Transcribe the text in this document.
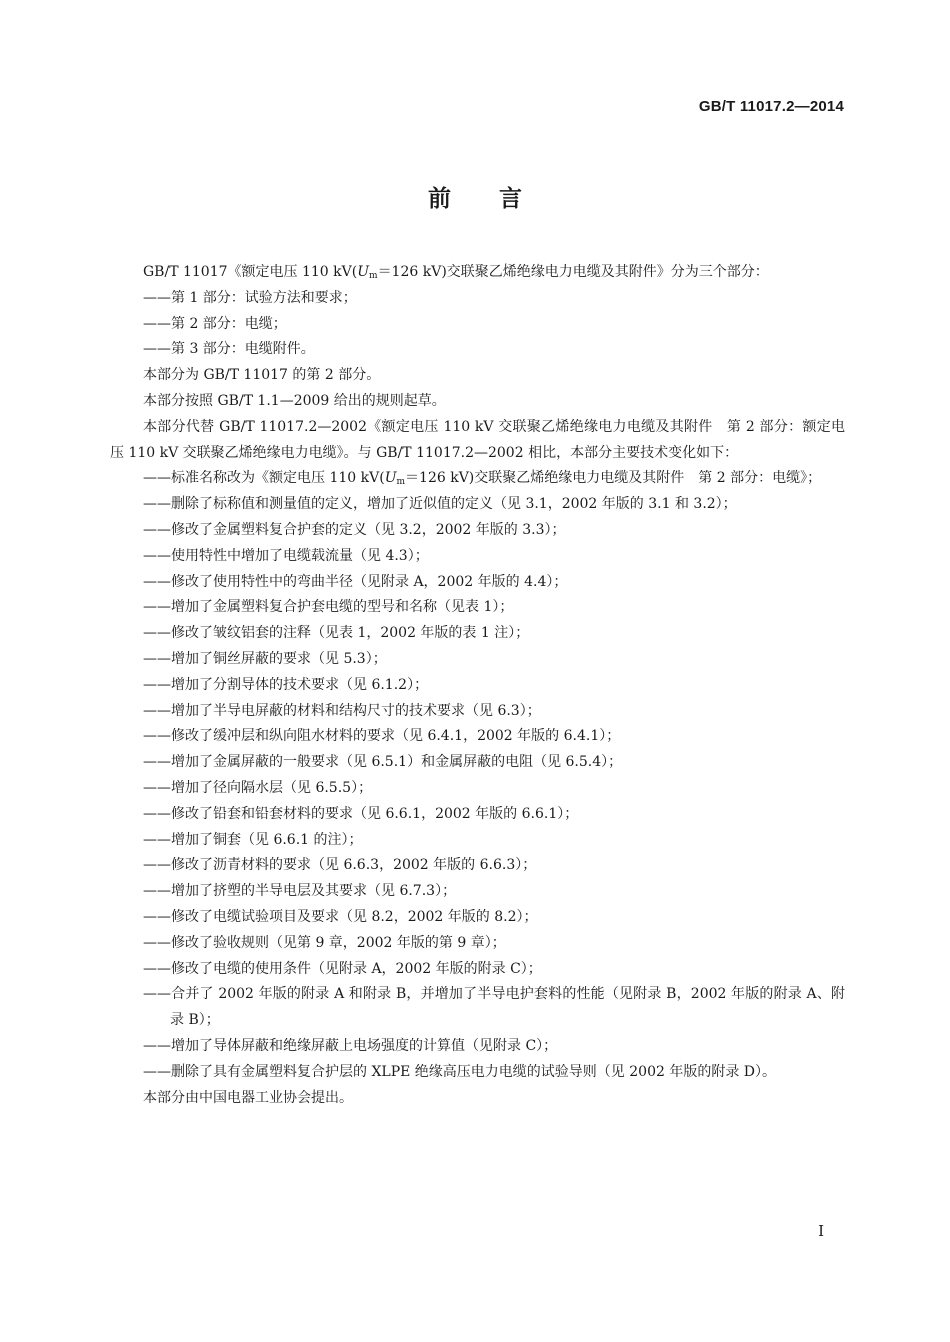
GB/T 11017.2—2014
前言

GB/T 11017《额定电压 110 $kV(U_m=126$ kV)交联聚乙烯绝缘电力电缆及其附件》分为三个部分：

——第 1 部分：试验方法和要求；

——第 2 部分：电缆；

——第 3 部分：电缆附件。

本部分为 GB/T 11017 的第 2 部分。

本部分按照 GB/T 1.1—2009 给出的规则起草。

本部分代替 GB/T 11017.2—2002《额定电压 110 kV 交联聚乙烯绝缘电力电缆及其附件　第 2 部分：额定电压 110 kV 交联聚乙烯绝缘电力电缆》。与 GB/T 11017.2—2002 相比，本部分主要技术变化如下：

——标准名称改为《额定电压 110 $kV(U_m=126$ kV)交联聚乙烯绝缘电力电缆及其附件　第 2 部分：电缆》；

——删除了标称值和测量值的定义，增加了近似值的定义（见 3.1，2002 年版的 3.1 和 3.2）；

——修改了金属塑料复合护套的定义（见 3.2，2002 年版的 3.3）；

——使用特性中增加了电缆载流量（见 4.3）；

——修改了使用特性中的弯曲半径（见附录 A，2002 年版的 4.4）；

——增加了金属塑料复合护套电缆的型号和名称（见表 1）；

——修改了皱纹铝套的注释（见表 1，2002 年版的表 1 注）；

——增加了铜丝屏蔽的要求（见 5.3）；

——增加了分割导体的技术要求（见 6.1.2）；

——增加了半导电屏蔽的材料和结构尺寸的技术要求（见 6.3）；

——修改了缓冲层和纵向阻水材料的要求（见 6.4.1，2002 年版的 6.4.1）；

——增加了金属屏蔽的一般要求（见 6.5.1）和金属屏蔽的电阻（见 6.5.4）；

——增加了径向隔水层（见 6.5.5）；

——修改了铅套和铅套材料的要求（见 6.6.1，2002 年版的 6.6.1）；

——增加了铜套（见 6.6.1 的注）；

——修改了沥青材料的要求（见 6.6.3，2002 年版的 6.6.3）；

——增加了挤塑的半导电层及其要求（见 6.7.3）；

——修改了电缆试验项目及要求（见 8.2，2002 年版的 8.2）；

——修改了验收规则（见第 9 章，2002 年版的第 9 章）；

——修改了电缆的使用条件（见附录 A，2002 年版的附录 C）；

——合并了 2002 年版的附录 A 和附录 B，并增加了半导电护套料的性能（见附录 B，2002 年版的附录 A、附录 B）；

——增加了导体屏蔽和绝缘屏蔽上电场强度的计算值（见附录 C）；

——删除了具有金属塑料复合护层的 XLPE 绝缘高压电力电缆的试验导则（见 2002 年版的附录 D）。

本部分由中国电器工业协会提出。

I
